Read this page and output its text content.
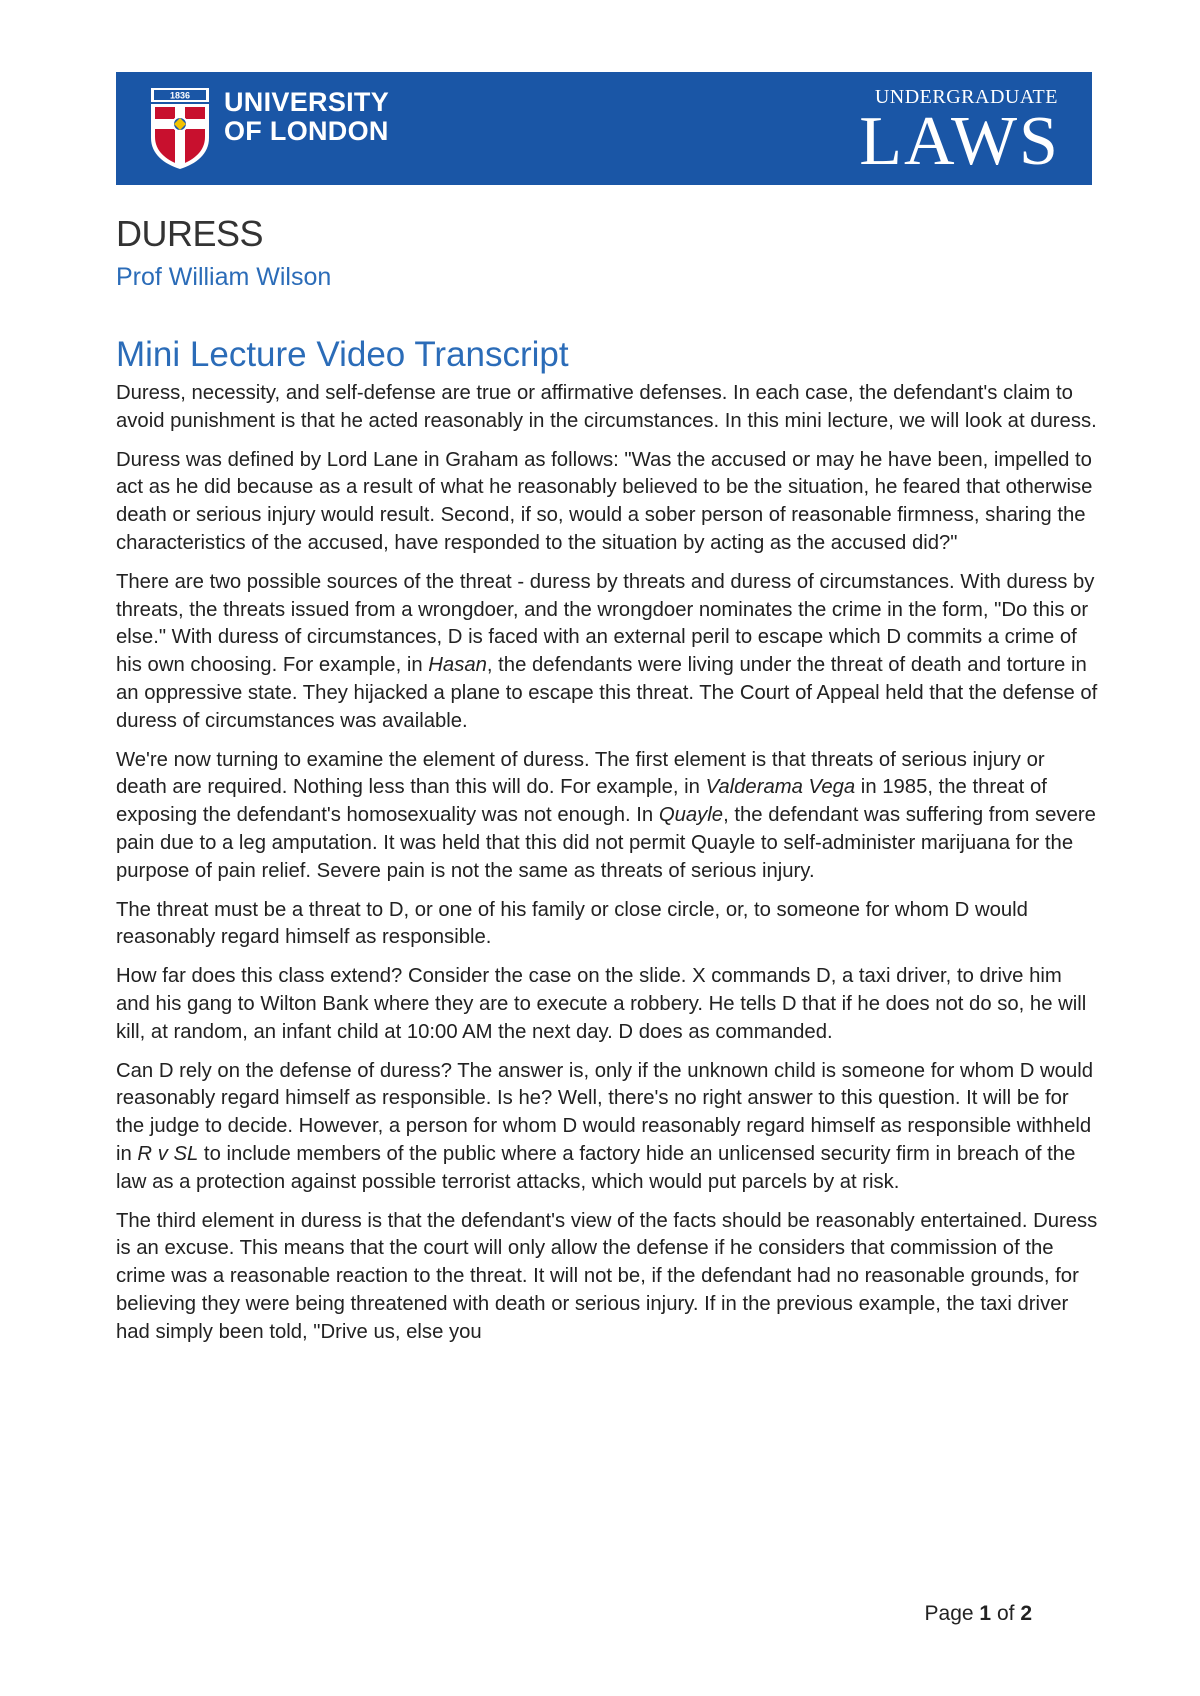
1836 UNIVERSITY
OF LONDON
UNDERGRADUATE
LAWS
DURESS
Prof William Wilson
Mini Lecture Video Transcript

Duress, necessity, and self-defense are true or affirmative defenses. In each case, the defendant's claim to avoid punishment is that he acted reasonably in the circumstances. In this mini lecture, we will look at duress.

Duress was defined by Lord Lane in Graham as follows: "Was the accused or may he have been, impelled to act as he did because as a result of what he reasonably believed to be the situation, he feared that otherwise death or serious injury would result. Second, if so, would a sober person of reasonable firmness, sharing the characteristics of the accused, have responded to the situation by acting as the accused did?"

There are two possible sources of the threat - duress by threats and duress of circumstances. With duress by threats, the threats issued from a wrongdoer, and the wrongdoer nominates the crime in the form, "Do this or else." With duress of circumstances, D is faced with an external peril to escape which D commits a crime of his own choosing. For example, in Hasan, the defendants were living under the threat of death and torture in an oppressive state. They hijacked a plane to escape this threat. The Court of Appeal held that the defense of duress of circumstances was available.

We're now turning to examine the element of duress. The first element is that threats of serious injury or death are required. Nothing less than this will do. For example, in Valderama Vega in 1985, the threat of exposing the defendant's homosexuality was not enough. In Quayle, the defendant was suffering from severe pain due to a leg amputation. It was held that this did not permit Quayle to self-administer marijuana for the purpose of pain relief. Severe pain is not the same as threats of serious injury.

The threat must be a threat to D, or one of his family or close circle, or, to someone for whom D would reasonably regard himself as responsible.

How far does this class extend? Consider the case on the slide. X commands D, a taxi driver, to drive him and his gang to Wilton Bank where they are to execute a robbery. He tells D that if he does not do so, he will kill, at random, an infant child at 10:00 AM the next day. D does as commanded.

Can D rely on the defense of duress? The answer is, only if the unknown child is someone for whom D would reasonably regard himself as responsible. Is he? Well, there's no right answer to this question. It will be for the judge to decide. However, a person for whom D would reasonably regard himself as responsible withheld in R v SL to include members of the public where a factory hide an unlicensed security firm in breach of the law as a protection against possible terrorist attacks, which would put parcels by at risk.

The third element in duress is that the defendant's view of the facts should be reasonably entertained. Duress is an excuse. This means that the court will only allow the defense if he considers that commission of the crime was a reasonable reaction to the threat. It will not be, if the defendant had no reasonable grounds, for believing they were being threatened with death or serious injury. If in the previous example, the taxi driver had simply been told, "Drive us, else you

Page 1 of 2
